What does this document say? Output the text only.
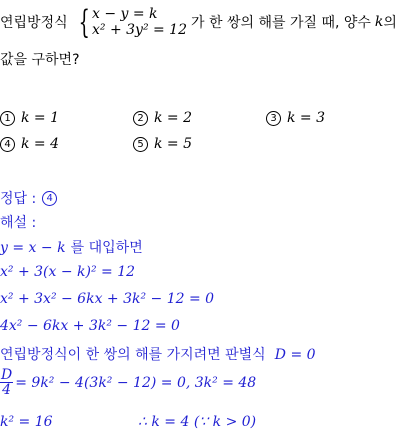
연립방정식 { x − y = k
x² + 3y² = 12 가 한 쌍의 해를 가질 때, 양수 k 의
값을 구하면?
1 k = 1	2 k = 2	3 k = 3
4 k = 4	5 k = 5
정답 :	4
해설 :
y = x − k 를 대입하면
x² + 3(x − k)² = 12
x² + 3x² − 6kx + 3k² − 12 = 0
4x² − 6kx + 3k² − 12 = 0
연립방정식이 한 쌍의 해를 가지려면 판별식 D = 0
$\frac{D}{4} = 9k^2 - 4(3k^2 - 12) = 0$, 3k² = 48
k² = 16	∴ k = 4 (∵ k > 0)
